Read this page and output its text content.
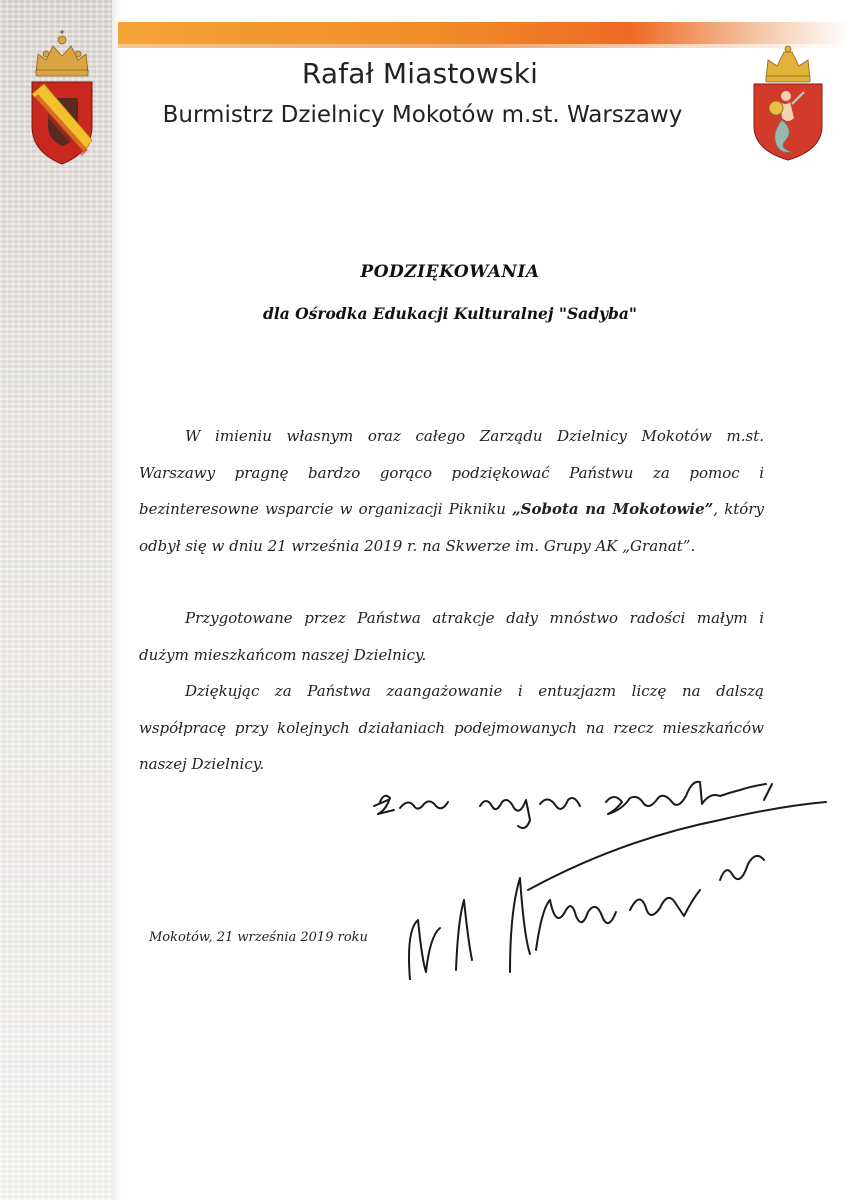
Rafał Miastowski
Burmistrz Dzielnicy Mokotów m.st. Warszawy
PODZIĘKOWANIA
dla Ośrodka Edukacji Kulturalnej "Sadyba"

W imieniu własnym oraz całego Zarządu Dzielnicy Mokotów m.st. Warszawy pragnę bardzo gorąco podziękować Państwu za pomoc i bezinteresowne wsparcie w organizacji Pikniku „Sobota na Mokotowie”, który odbył się w dniu 21 września 2019 r. na Skwerze im. Grupy AK „Granat”.

Przygotowane przez Państwa atrakcje dały mnóstwo radości małym i dużym mieszkańcom naszej Dzielnicy.

Dziękując za Państwa zaangażowanie i entuzjazm liczę na dalszą współpracę przy kolejnych działaniach podejmowanych na rzecz mieszkańców naszej Dzielnicy.

Mokotów, 21 września 2019 roku
